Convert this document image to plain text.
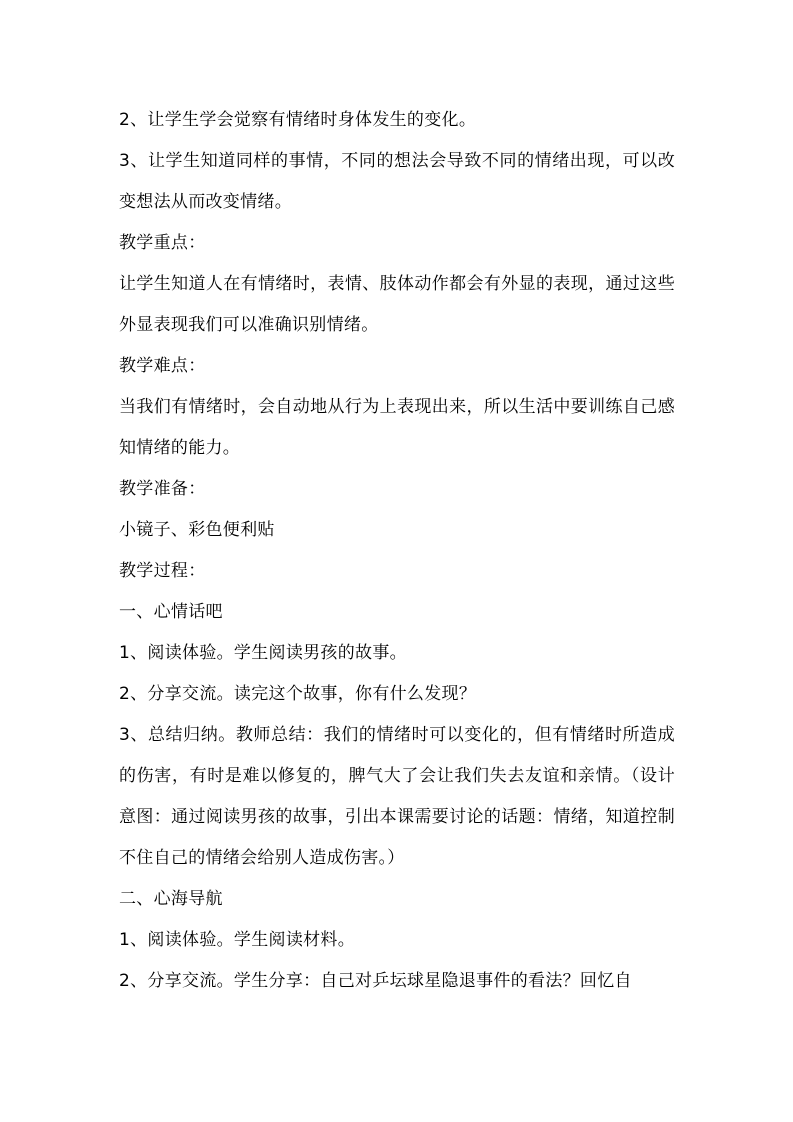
2、让学生学会觉察有情绪时身体发生的变化。

3、让学生知道同样的事情，不同的想法会导致不同的情绪出现，可以改变想法从而改变情绪。

教学重点：

让学生知道人在有情绪时，表情、肢体动作都会有外显的表现，通过这些外显表现我们可以准确识别情绪。

教学难点：

当我们有情绪时，会自动地从行为上表现出来，所以生活中要训练自己感知情绪的能力。

教学准备：

小镜子、彩色便利贴

教学过程：

一、心情话吧

1、阅读体验。学生阅读男孩的故事。

2、分享交流。读完这个故事，你有什么发现？

3、总结归纳。教师总结：我们的情绪时可以变化的，但有情绪时所造成的伤害，有时是难以修复的，脾气大了会让我们失去友谊和亲情。（设计意图：通过阅读男孩的故事，引出本课需要讨论的话题：情绪，知道控制不住自己的情绪会给别人造成伤害。）

二、心海导航

1、阅读体验。学生阅读材料。

2、分享交流。学生分享：自己对乒坛球星隐退事件的看法？回忆自
